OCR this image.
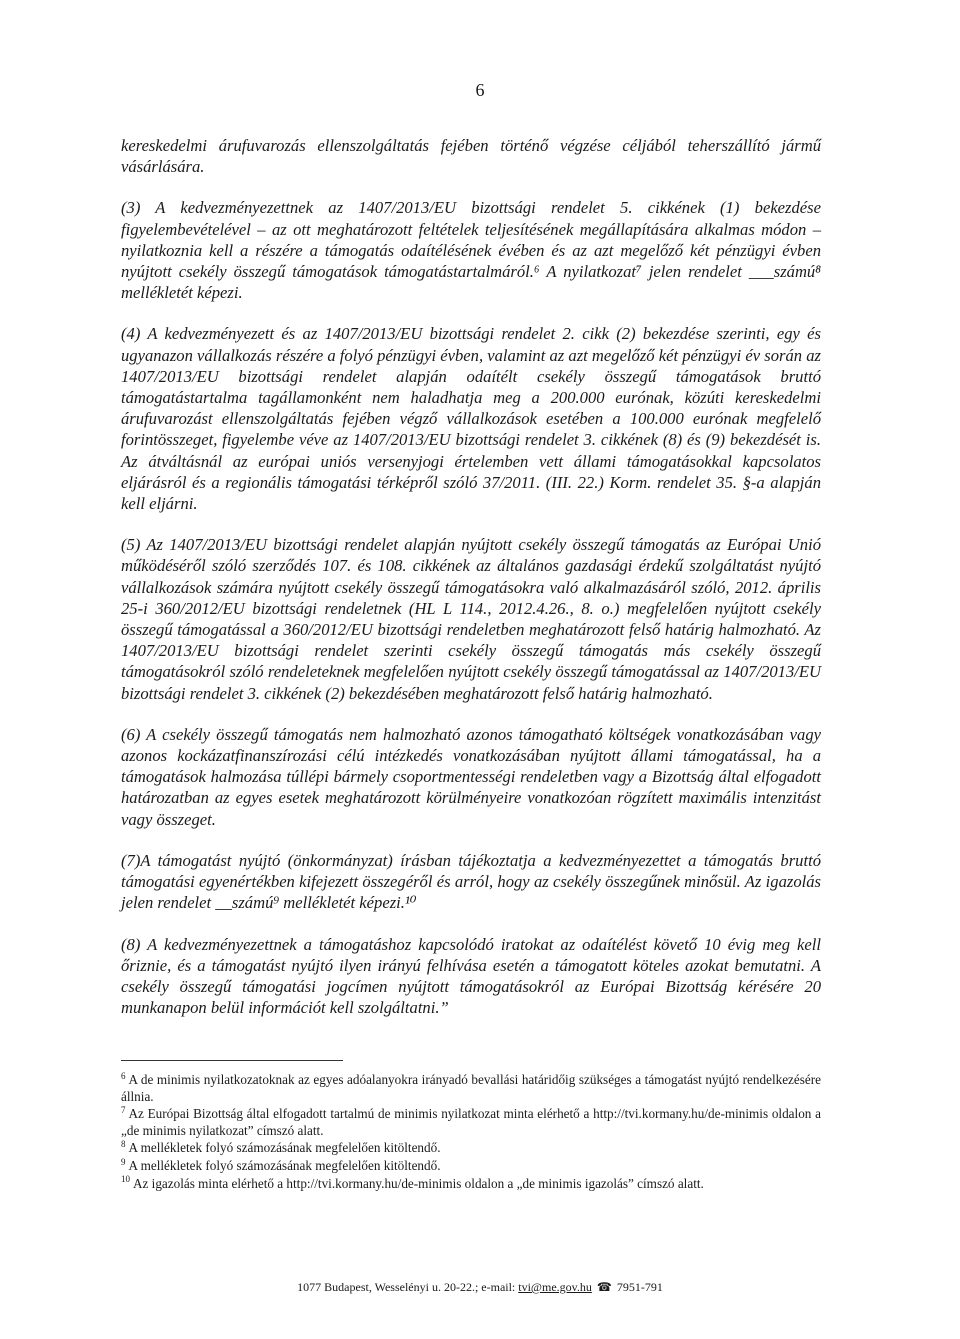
6

kereskedelmi árufuvarozás ellenszolgáltatás fejében történő végzése céljából teherszállító jármű vásárlására.

(3) A kedvezményezettnek az 1407/2013/EU bizottsági rendelet 5. cikkének (1) bekezdése figyelembevételével – az ott meghatározott feltételek teljesítésének megállapítására alkalmas módon – nyilatkoznia kell a részére a támogatás odaítélésének évében és az azt megelőző két pénzügyi évben nyújtott csekély összegű támogatások támogatástartalmáról.⁶ A nyilatkozat⁷ jelen rendelet ___számú⁸ mellékletét képezi.

(4) A kedvezményezett és az 1407/2013/EU bizottsági rendelet 2. cikk (2) bekezdése szerinti, egy és ugyanazon vállalkozás részére a folyó pénzügyi évben, valamint az azt megelőző két pénzügyi év során az 1407/2013/EU bizottsági rendelet alapján odaítélt csekély összegű támogatások bruttó támogatástartalma tagállamonként nem haladhatja meg a 200.000 eurónak, közúti kereskedelmi árufuvarozást ellenszolgáltatás fejében végző vállalkozások esetében a 100.000 eurónak megfelelő forintösszeget, figyelembe véve az 1407/2013/EU bizottsági rendelet 3. cikkének (8) és (9) bekezdését is. Az átváltásnál az európai uniós versenyjogi értelemben vett állami támogatásokkal kapcsolatos eljárásról és a regionális támogatási térképről szóló 37/2011. (III. 22.) Korm. rendelet 35. §-a alapján kell eljárni.

(5) Az 1407/2013/EU bizottsági rendelet alapján nyújtott csekély összegű támogatás az Európai Unió működéséről szóló szerződés 107. és 108. cikkének az általános gazdasági érdekű szolgáltatást nyújtó vállalkozások számára nyújtott csekély összegű támogatásokra való alkalmazásáról szóló, 2012. április 25-i 360/2012/EU bizottsági rendeletnek (HL L 114., 2012.4.26., 8. o.) megfelelően nyújtott csekély összegű támogatással a 360/2012/EU bizottsági rendeletben meghatározott felső határig halmozható. Az 1407/2013/EU bizottsági rendelet szerinti csekély összegű támogatás más csekély összegű támogatásokról szóló rendeleteknek megfelelően nyújtott csekély összegű támogatással az 1407/2013/EU bizottsági rendelet 3. cikkének (2) bekezdésében meghatározott felső határig halmozható.

(6) A csekély összegű támogatás nem halmozható azonos támogatható költségek vonatkozásában vagy azonos kockázatfinanszírozási célú intézkedés vonatkozásában nyújtott állami támogatással, ha a támogatások halmozása túllépi bármely csoportmentességi rendeletben vagy a Bizottság által elfogadott határozatban az egyes esetek meghatározott körülményeire vonatkozóan rögzített maximális intenzitást vagy összeget.

(7)A támogatást nyújtó (önkormányzat) írásban tájékoztatja a kedvezményezettet a támogatás bruttó támogatási egyenértékben kifejezett összegéről és arról, hogy az csekély összegűnek minősül. Az igazolás jelen rendelet __számú⁹ mellékletét képezi.¹⁰

(8) A kedvezményezettnek a támogatáshoz kapcsolódó iratokat az odaítélést követő 10 évig meg kell őriznie, és a támogatást nyújtó ilyen irányú felhívása esetén a támogatott köteles azokat bemutatni. A csekély összegű támogatási jogcímen nyújtott támogatásokról az Európai Bizottság kérésére 20 munkanapon belül információt kell szolgáltatni.”

$^6$ A de minimis nyilatkozatoknak az egyes adóalanyokra irányadó bevallási határidőig szükséges a támogatást nyújtó rendelkezésére állnia.

$^7$ Az Európai Bizottság által elfogadott tartalmú de minimis nyilatkozat minta elérhető a http://tvi.kormany.hu/de-minimis oldalon a „de minimis nyilatkozat” címszó alatt.

$^8$ A mellékletek folyó számozásának megfelelően kitöltendő.

$^9$ A mellékletek folyó számozásának megfelelően kitöltendő.

$^{10}$ Az igazolás minta elérhető a http://tvi.kormany.hu/de-minimis oldalon a „de minimis igazolás” címszó alatt.

1077 Budapest, Wesselényi u. 20-22.; e-mail: tvi@me.gov.hu ☎ 7951-791
